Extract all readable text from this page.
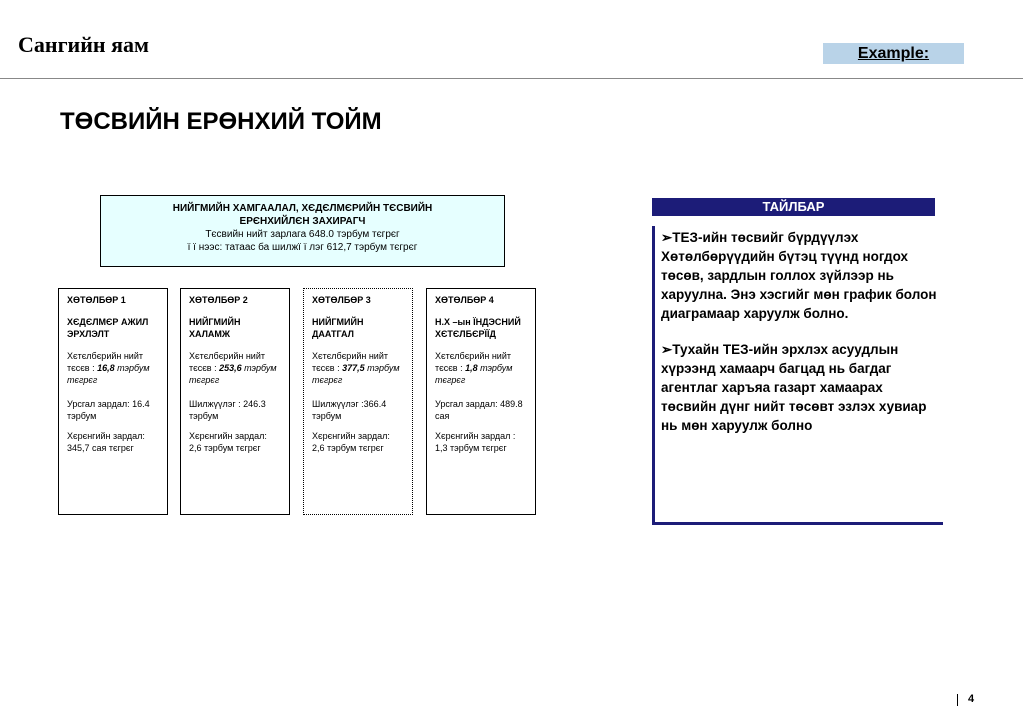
Сангийн яам	Example:
ТӨСВИЙН ЕРӨНХИЙ ТОЙМ
НИЙГМИЙН ХАМГААЛАЛ, ХЄДЄЛМЄРИЙН ТЄСВИЙН
ЕРЄНХИЙЛЄН ЗАХИРАГЧ
Тєсвийн нийт зарлага 648.0 тэрбум тєгрєг
ї ї нээс: татаас ба шилжї ї лэг 612,7 тэрбум тєгрєг
ХӨТӨЛБӨР 1
ХЄДЄЛМЄР АЖИЛ ЭРХЛЭЛТ
Хєтєлбєрийн нийт тєсєв : 16,8 тэрбум тєгрєг
Урсгал зардал: 16.4 тэрбум
Хєрєнгийн зардал: 345,7 сая тєгрєг
ХӨТӨЛБӨР 2
НИЙГМИЙН ХАЛАМЖ
Хєтєлбєрийн нийт тєсєв : 253,6 тэрбум тєгрєг
Шилжүүлэг : 246.3 тэрбум
Хєрєнгийн зардал: 2,6 тэрбум тєгрєг
ХӨТӨЛБӨР 3
НИЙГМИЙН ДААТГАЛ
Хєтєлбєрийн нийт тєсєв : 377,5 тэрбум тєгрєг
Шилжүүлэг :366.4 тэрбум
Хєрєнгийн зардал: 2,6 тэрбум тєгрєг
ХӨТӨЛБӨР 4
Н.Х –ын ЇНДЭСНИЙ ХЄТЄЛБЄРЇЇД
Хєтєлбєрийн нийт тєсєв : 1,8 тэрбум тєгрєг
Урсгал зардал: 489.8 сая
Хєрєнгийн зардал : 1,3 тэрбум тєгрєг
ТАЙЛБАР

➢ТЕЗ-ийн төсвийг бүрдүүлэх Хөтөлбөрүүдийн бүтэц түүнд ногдох төсөв, зардлын голлох зүйлээр нь харуулна. Энэ хэсгийг мөн график болон диаграмаар харуулж болно.

➢Тухайн ТЕЗ-ийн эрхлэх асуудлын хүрээнд хамаарч багцад нь багдаг агентлаг харъяа газарт хамаарах төсвийн дүнг нийт төсөвт эзлэх хувиар нь мөн харуулж болно

4
